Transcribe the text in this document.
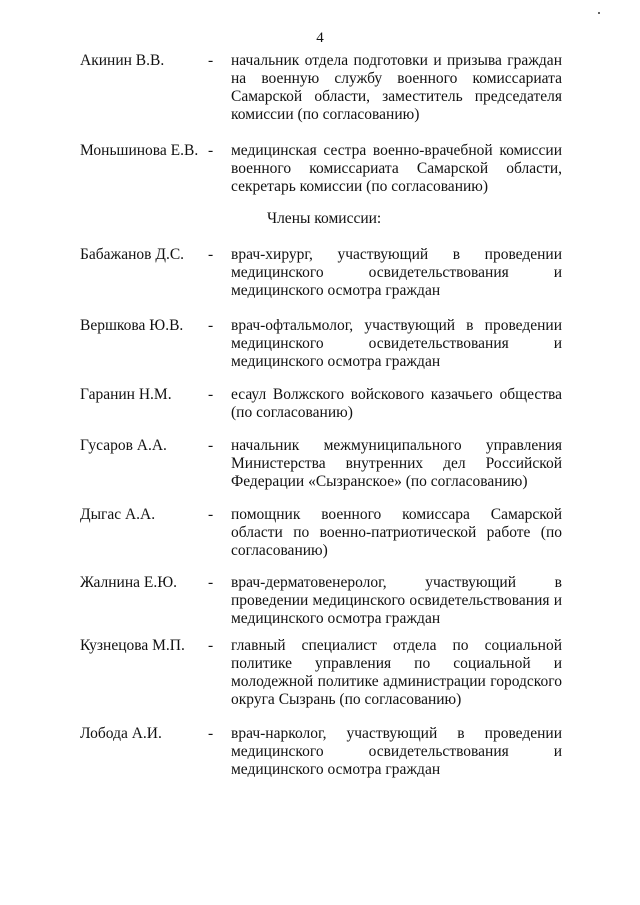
4
Акинин В.В.	- начальник отдела подготовки и призыва граждан на военную службу военного комиссариата Самарской области, заместитель председателя комиссии (по согласованию)
Моньшинова Е.В. - медицинская сестра военно-врачебной комиссии военного комиссариата Самарской области, секретарь комиссии (по согласованию)
Члены комиссии:
Бабажанов Д.С. - врач-хирург, участвующий в проведении медицинского освидетельствования и медицинского осмотра граждан
Вершкова Ю.В. - врач-офтальмолог, участвующий в проведении медицинского освидетельствования и медицинского осмотра граждан
Гаранин Н.М. - есаул Волжского войскового казачьего общества (по согласованию)
Гусаров А.А.	- начальник межмуниципального управления Министерства внутренних дел Российской Федерации «Сызранское» (по согласованию)
Дыгас А.А.	- помощник военного комиссара Самарской области по военно-патриотической работе (по согласованию)
Жалнина Е.Ю. - врач-дерматовенеролог, участвующий в проведении медицинского освидетельствования и медицинского осмотра граждан
Кузнецова М.П. - главный специалист отдела по социальной политике управления по социальной и молодежной политике администрации городского округа Сызрань (по согласованию)
Лобода А.И.	- врач-нарколог, участвующий в проведении медицинского освидетельствования и медицинского осмотра граждан
